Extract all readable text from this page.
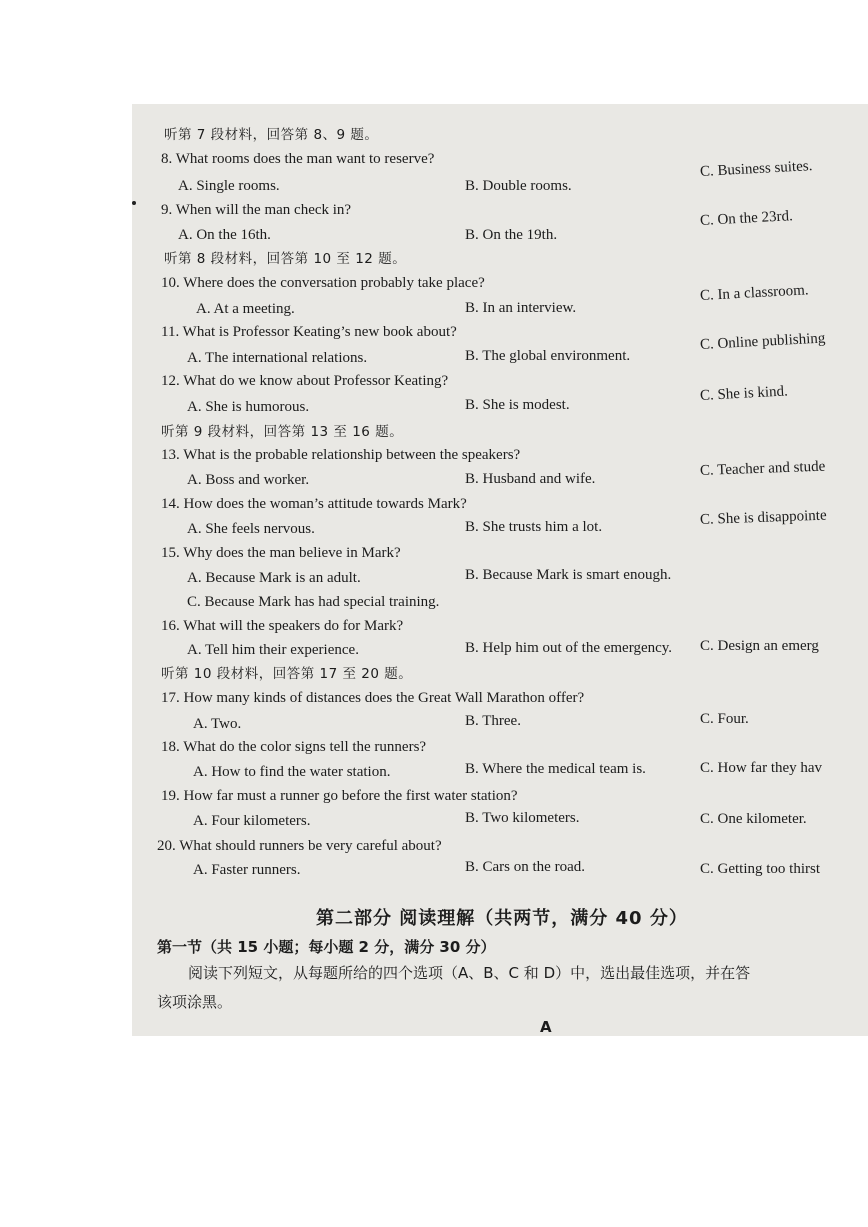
听第 7 段材料，回答第 8、9 题。
8. What rooms does the man want to reserve?
A. Single rooms.	B. Double rooms.
C. Business suites.
9. When will the man check in?
A. On the 16th.	B. On the 19th.
C. On the 23rd.
听第 8 段材料，回答第 10 至 12 题。
10. Where does the conversation probably take place?
A. At a meeting.	B. In an interview.
C. In a classroom.
11. What is Professor Keating’s new book about?
A. The international relations.	B. The global environment.
C. Online publishing
12. What do we know about Professor Keating?
A. She is humorous.	B. She is modest.
C. She is kind.
听第 9 段材料，回答第 13 至 16 题。
13. What is the probable relationship between the speakers?
A. Boss and worker.	B. Husband and wife.
C. Teacher and stude
14. How does the woman’s attitude towards Mark?
A. She feels nervous.	B. She trusts him a lot.	C. She is disappointe
15. Why does the man believe in Mark?
A. Because Mark is an adult.	B. Because Mark is smart enough.
C. Because Mark has had special training.
16. What will the speakers do for Mark?
A. Tell him their experience.	B. Help him out of the emergency. C. Design an emerg
听第 10 段材料，回答第 17 至 20 题。
17. How many kinds of distances does the Great Wall Marathon offer?
A. Two.	B. Three.	C. Four.
18. What do the color signs tell the runners?
A. How to find the water station.	B. Where the medical team is.	C. How far they hav
19. How far must a runner go before the first water station?
A. Four kilometers.	B. Two kilometers.	C. One kilometer.
20. What should runners be very careful about?
A. Faster runners.	B. Cars on the road.	C. Getting too thirst
第二部分 阅读理解（共两节，满分 40 分）
第一节（共 15 小题；每小题 2 分，满分 30 分）
阅读下列短文，从每题所给的四个选项（A、B、C 和 D）中，选出最佳选项，并在答
该项涂黑。
A
